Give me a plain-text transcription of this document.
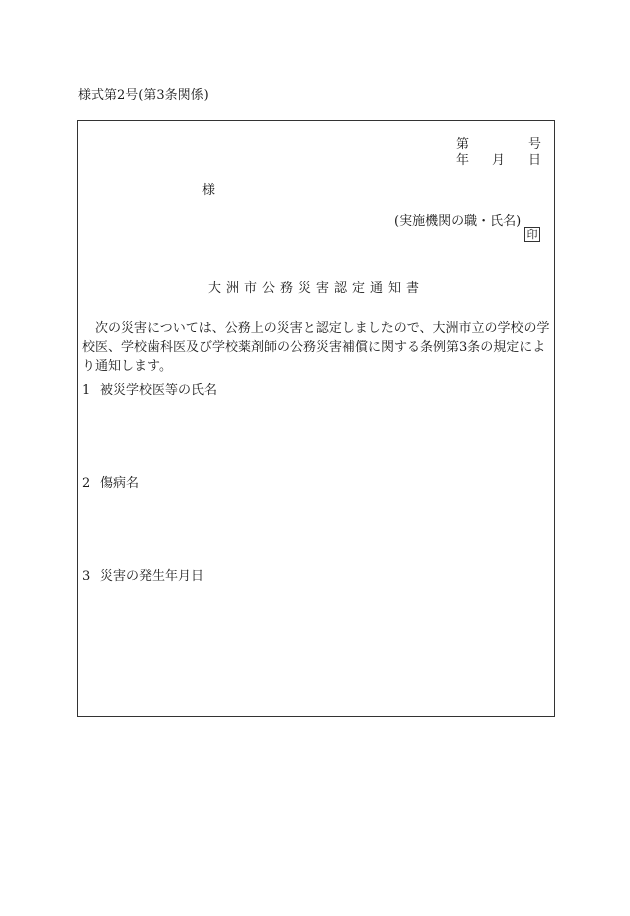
様式第2号(第3条関係)
第	号
年 月 日
様
(実施機関の職・氏名)
印
大洲市公務災害認定通知書
次の災害については、公務上の災害と認定しましたので、大洲市立の学校の学校医、学校歯科医及び学校薬剤師の公務災害補償に関する条例第3条の規定により通知します。
1 被災学校医等の氏名
2 傷病名
3 災害の発生年月日
